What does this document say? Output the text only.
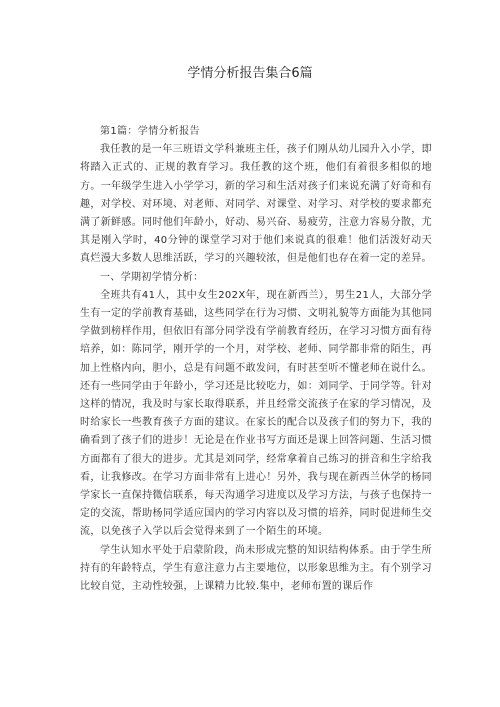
学情分析报告集合6篇

第1篇：学情分析报告

我任教的是一年三班语文学科兼班主任，孩子们刚从幼儿园升入小学，即将踏入正式的、正规的教育学习。我任教的这个班，他们有着很多相似的地方。一年级学生进入小学学习，新的学习和生活对孩子们来说充满了好奇和有趣，对学校、对环境、对老师、对同学、对课堂、对学习、对学校的要求都充满了新鲜感。同时他们年龄小，好动、易兴奋、易疲劳，注意力容易分散，尤其是刚入学时，40分钟的课堂学习对于他们来说真的很难！他们活泼好动天真烂漫大多数人思维活跃，学习的兴趣较浓，但是他们也存在着一定的差异。

一、学期初学情分析：

全班共有41人，其中女生202X年，现在新西兰），男生21人，大部分学生有一定的学前教育基础，这些同学在行为习惯、文明礼貌等方面能为其他同学做到榜样作用，但依旧有部分同学没有学前教育经历，在学习习惯方面有待培养，如：陈同学，刚开学的一个月，对学校、老师、同学都非常的陌生，再加上性格内向，胆小，总是有问题不敢发问，有时甚至听不懂老师在说什么。还有一些同学由于年龄小，学习还是比较吃力，如：刘同学、于同学等。针对这样的情况，我及时与家长取得联系，并且经常交流孩子在家的学习情况，及时给家长一些教育孩子方面的建议。在家长的配合以及孩子们的努力下，我的确看到了孩子们的进步！无论是在作业书写方面还是课上回答问题、生活习惯方面都有了很大的进步。尤其是刘同学，经常拿着自己练习的拼音和生字给我看，让我修改。在学习方面非常有上进心！另外，我与现在新西兰休学的杨同学家长一直保持微信联系，每天沟通学习进度以及学习方法，与孩子也保持一定的交流，帮助杨同学适应国内的学习内容以及习惯的培养，同时促进师生交流，以免孩子入学以后会觉得来到了一个陌生的环境。

学生认知水平处于启蒙阶段，尚未形成完整的知识结构体系。由于学生所持有的年龄特点，学生有意注意力占主要地位，以形象思维为主。有个别学习比较自觉，主动性较强，上课精力比较.集中，老师布置的课后作
